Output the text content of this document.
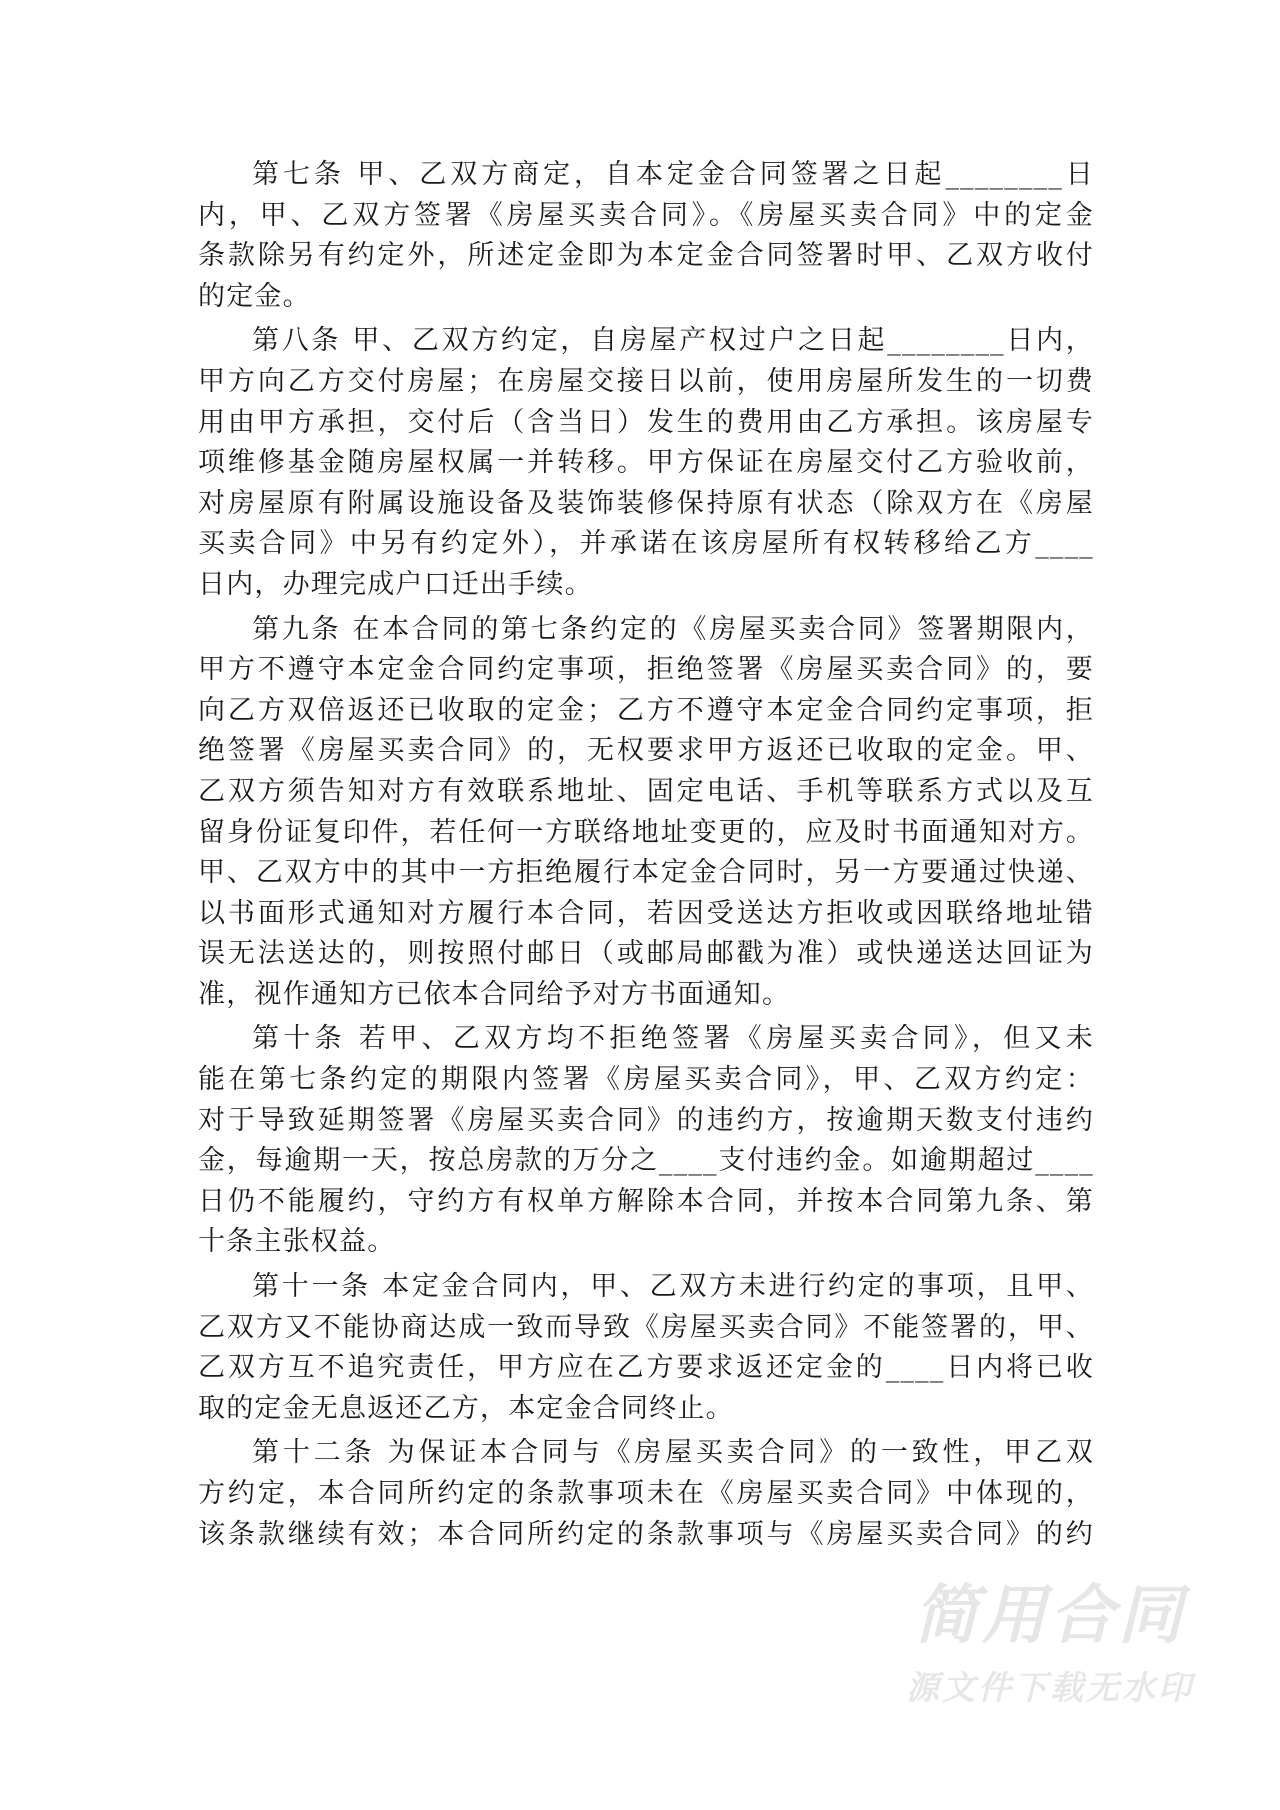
第七条 甲、乙双方商定，自本定金合同签署之日起________日
内，甲、乙双方签署《房屋买卖合同》。《房屋买卖合同》中的定金
条款除另有约定外，所述定金即为本定金合同签署时甲、乙双方收付
的定金。

第八条 甲、乙双方约定，自房屋产权过户之日起________日内，
甲方向乙方交付房屋；在房屋交接日以前，使用房屋所发生的一切费
用由甲方承担，交付后（含当日）发生的费用由乙方承担。该房屋专
项维修基金随房屋权属一并转移。甲方保证在房屋交付乙方验收前，
对房屋原有附属设施设备及装饰装修保持原有状态（除双方在《房屋
买卖合同》中另有约定外），并承诺在该房屋所有权转移给乙方____
日内，办理完成户口迁出手续。

第九条 在本合同的第七条约定的《房屋买卖合同》签署期限内，
甲方不遵守本定金合同约定事项，拒绝签署《房屋买卖合同》的，要
向乙方双倍返还已收取的定金；乙方不遵守本定金合同约定事项，拒
绝签署《房屋买卖合同》的，无权要求甲方返还已收取的定金。甲、
乙双方须告知对方有效联系地址、固定电话、手机等联系方式以及互
留身份证复印件，若任何一方联络地址变更的，应及时书面通知对方。
甲、乙双方中的其中一方拒绝履行本定金合同时，另一方要通过快递、
以书面形式通知对方履行本合同，若因受送达方拒收或因联络地址错
误无法送达的，则按照付邮日（或邮局邮戳为准）或快递送达回证为
准，视作通知方已依本合同给予对方书面通知。

第十条 若甲、乙双方均不拒绝签署《房屋买卖合同》，但又未
能在第七条约定的期限内签署《房屋买卖合同》，甲、乙双方约定：
对于导致延期签署《房屋买卖合同》的违约方，按逾期天数支付违约
金，每逾期一天，按总房款的万分之____支付违约金。如逾期超过____
日仍不能履约，守约方有权单方解除本合同，并按本合同第九条、第
十条主张权益。

第十一条 本定金合同内，甲、乙双方未进行约定的事项，且甲、
乙双方又不能协商达成一致而导致《房屋买卖合同》不能签署的，甲、
乙双方互不追究责任，甲方应在乙方要求返还定金的____日内将已收
取的定金无息返还乙方，本定金合同终止。

第十二条 为保证本合同与《房屋买卖合同》的一致性，甲乙双
方约定，本合同所约定的条款事项未在《房屋买卖合同》中体现的，
该条款继续有效；本合同所约定的条款事项与《房屋买卖合同》的约

简用合同
源文件下载无水印
